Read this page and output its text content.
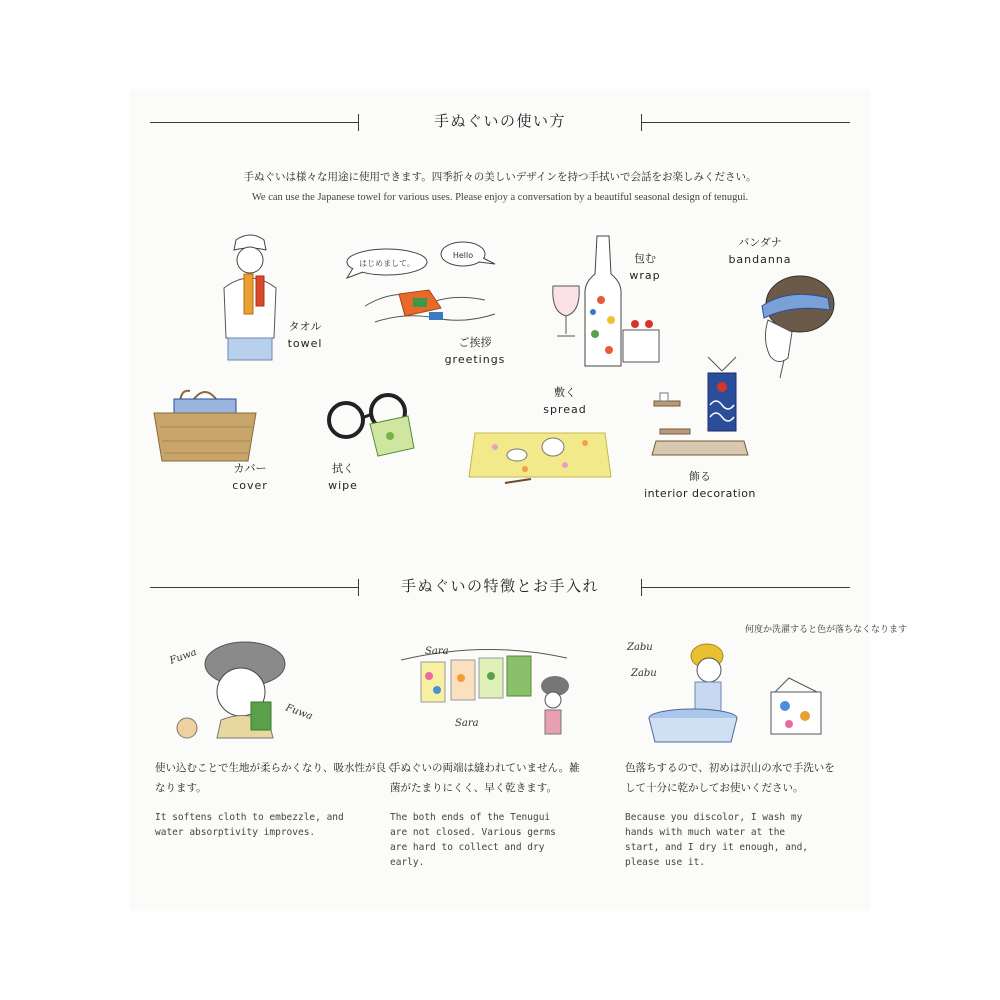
手ぬぐいの使い方
手ぬぐいは様々な用途に使用できます。四季折々の美しいデザインを持つ手拭いで会話をお楽しみください。
We can use the Japanese towel for various uses. Please enjoy a conversation by a beautiful seasonal design of tenugui.
タオル
towel
はじめまして。
Hello
ご挨拶
greetings
包む
wrap
バンダナ
bandanna
カバー
cover
拭く
wipe
敷く
spread
飾る
interior decoration
手ぬぐいの特徴とお手入れ
Fuwa
Fuwa
Sara
Sara
何度か洗濯すると色が落ちなくなります
Zabu
Zabu
使い込むことで生地が柔らかくなり、吸水性が良くなります。
It softens cloth to embezzle, and
water absorptivity improves.
手ぬぐいの両端は縫われていません。雑菌がたまりにくく、早く乾きます。
The both ends of the Tenugui
are not closed. Various germs
are hard to collect and dry
early.
色落ちするので、初めは沢山の水で手洗いをして十分に乾かしてお使いください。
Because you discolor, I wash my
hands with much water at the
start, and I dry it enough, and,
please use it.
